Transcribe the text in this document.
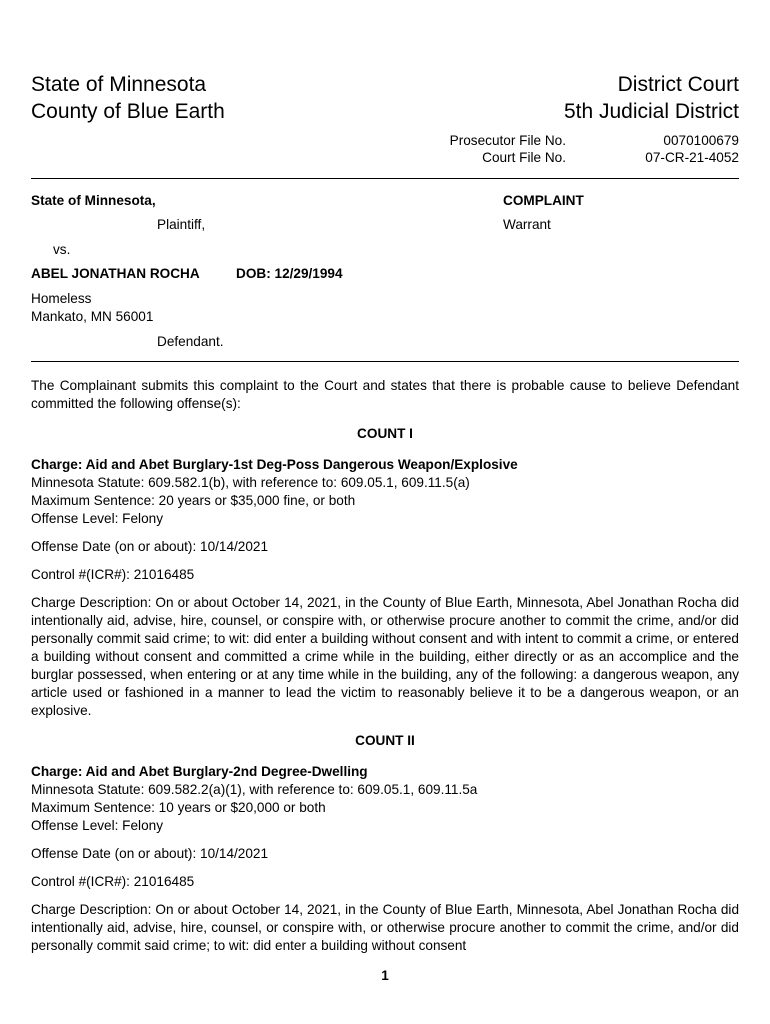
State of Minnesota
County of Blue Earth
District Court
5th Judicial District
Prosecutor File No.	0070100679
Court File No.	07-CR-21-4052
State of Minnesota,
Plaintiff,
vs.
ABEL JONATHAN ROCHA	DOB: 12/29/1994
Homeless
Mankato, MN 56001
Defendant.
COMPLAINT
Warrant
The Complainant submits this complaint to the Court and states that there is probable cause to believe Defendant committed the following offense(s):
COUNT I
Charge: Aid and Abet Burglary-1st Deg-Poss Dangerous Weapon/Explosive
Minnesota Statute: 609.582.1(b), with reference to: 609.05.1, 609.11.5(a)
Maximum Sentence: 20 years or $35,000 fine, or both
Offense Level: Felony
Offense Date (on or about): 10/14/2021
Control #(ICR#): 21016485
Charge Description: On or about October 14, 2021, in the County of Blue Earth, Minnesota, Abel Jonathan Rocha did intentionally aid, advise, hire, counsel, or conspire with, or otherwise procure another to commit the crime, and/or did personally commit said crime; to wit: did enter a building without consent and with intent to commit a crime, or entered a building without consent and committed a crime while in the building, either directly or as an accomplice and the burglar possessed, when entering or at any time while in the building, any of the following: a dangerous weapon, any article used or fashioned in a manner to lead the victim to reasonably believe it to be a dangerous weapon, or an explosive.
COUNT II
Charge: Aid and Abet Burglary-2nd Degree-Dwelling
Minnesota Statute: 609.582.2(a)(1), with reference to: 609.05.1, 609.11.5a
Maximum Sentence: 10 years or $20,000 or both
Offense Level: Felony
Offense Date (on or about): 10/14/2021
Control #(ICR#): 21016485
Charge Description: On or about October 14, 2021, in the County of Blue Earth, Minnesota, Abel Jonathan Rocha did intentionally aid, advise, hire, counsel, or conspire with, or otherwise procure another to commit the crime, and/or did personally commit said crime; to wit: did enter a building without consent
1
